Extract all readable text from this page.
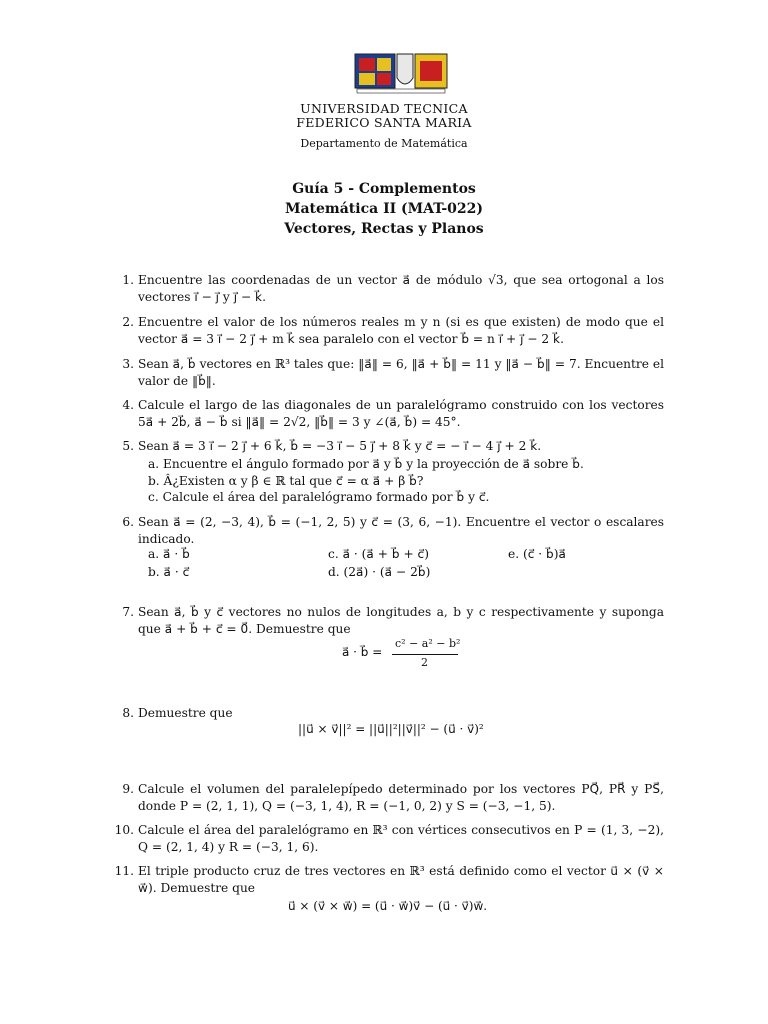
UNIVERSIDAD TECNICA
FEDERICO SANTA MARIA
Departamento de Matemática
Guía 5 - Complementos
Matemática II (MAT-022)
Vectores, Rectas y Planos
1. Encuentre las coordenadas de un vector a⃗ de módulo √3, que sea ortogonal a los vectores i⃗ − j⃗ y j⃗ − k⃗.
2. Encuentre el valor de los números reales m y n (si es que existen) de modo que el vector a⃗ = 3 i⃗ − 2 j⃗ + m k⃗ sea paralelo con el vector b⃗ = n i⃗ + j⃗ − 2 k⃗.
3. Sean a⃗, b⃗ vectores en ℝ³ tales que: ‖a⃗‖ = 6, ‖a⃗ + b⃗‖ = 11 y ‖a⃗ − b⃗‖ = 7. Encuentre el valor de ‖b⃗‖.
4. Calcule el largo de las diagonales de un paralelógramo construido con los vectores 5a⃗ + 2b⃗, a⃗ − b⃗ si ‖a⃗‖ = 2√2, ‖b⃗‖ = 3 y ∠(a⃗, b⃗) = 45°.
5. Sean a⃗ = 3 i⃗ − 2 j⃗ + 6 k⃗, b⃗ = −3 i⃗ − 5 j⃗ + 8 k⃗ y c⃗ = − i⃗ − 4 j⃗ + 2 k⃗.
a. Encuentre el ángulo formado por a⃗ y b⃗ y la proyección de a⃗ sobre b⃗.
b. Â¿Existen α y β ∈ ℝ tal que c⃗ = α a⃗ + β b⃗?
c. Calcule el área del paralelógramo formado por b⃗ y c⃗.
6. Sean a⃗ = (2, −3, 4), b⃗ = (−1, 2, 5) y c⃗ = (3, 6, −1). Encuentre el vector o escalares indicado.
a. a⃗ · b⃗
b. a⃗ · c⃗
c. a⃗ · (a⃗ + b⃗ + c⃗)
d. (2a⃗) · (a⃗ − 2b⃗)
e. (c⃗ · b⃗)a⃗
7. Sean a⃗, b⃗ y c⃗ vectores no nulos de longitudes a, b y c respectivamente y suponga que a⃗ + b⃗ + c⃗ = 0⃗. Demuestre que
a⃗ · b⃗ =
c² − a² − b²
2
8. Demuestre que
||u⃗ × v⃗||² = ||u⃗||²||v⃗||² − (u⃗ · v⃗)²
9. Calcule el volumen del paralelepípedo determinado por los vectores PQ⃗, PR⃗ y PS⃗, donde P = (2, 1, 1), Q = (−3, 1, 4), R = (−1, 0, 2) y S = (−3, −1, 5).
10. Calcule el área del paralelógramo en ℝ³ con vértices consecutivos en P = (1, 3, −2), Q = (2, 1, 4) y R = (−3, 1, 6).
11. El triple producto cruz de tres vectores en ℝ³ está definido como el vector u⃗ × (v⃗ × w⃗). Demuestre que
u⃗ × (v⃗ × w⃗) = (u⃗ · w⃗)v⃗ − (u⃗ · v⃗)w⃗.
